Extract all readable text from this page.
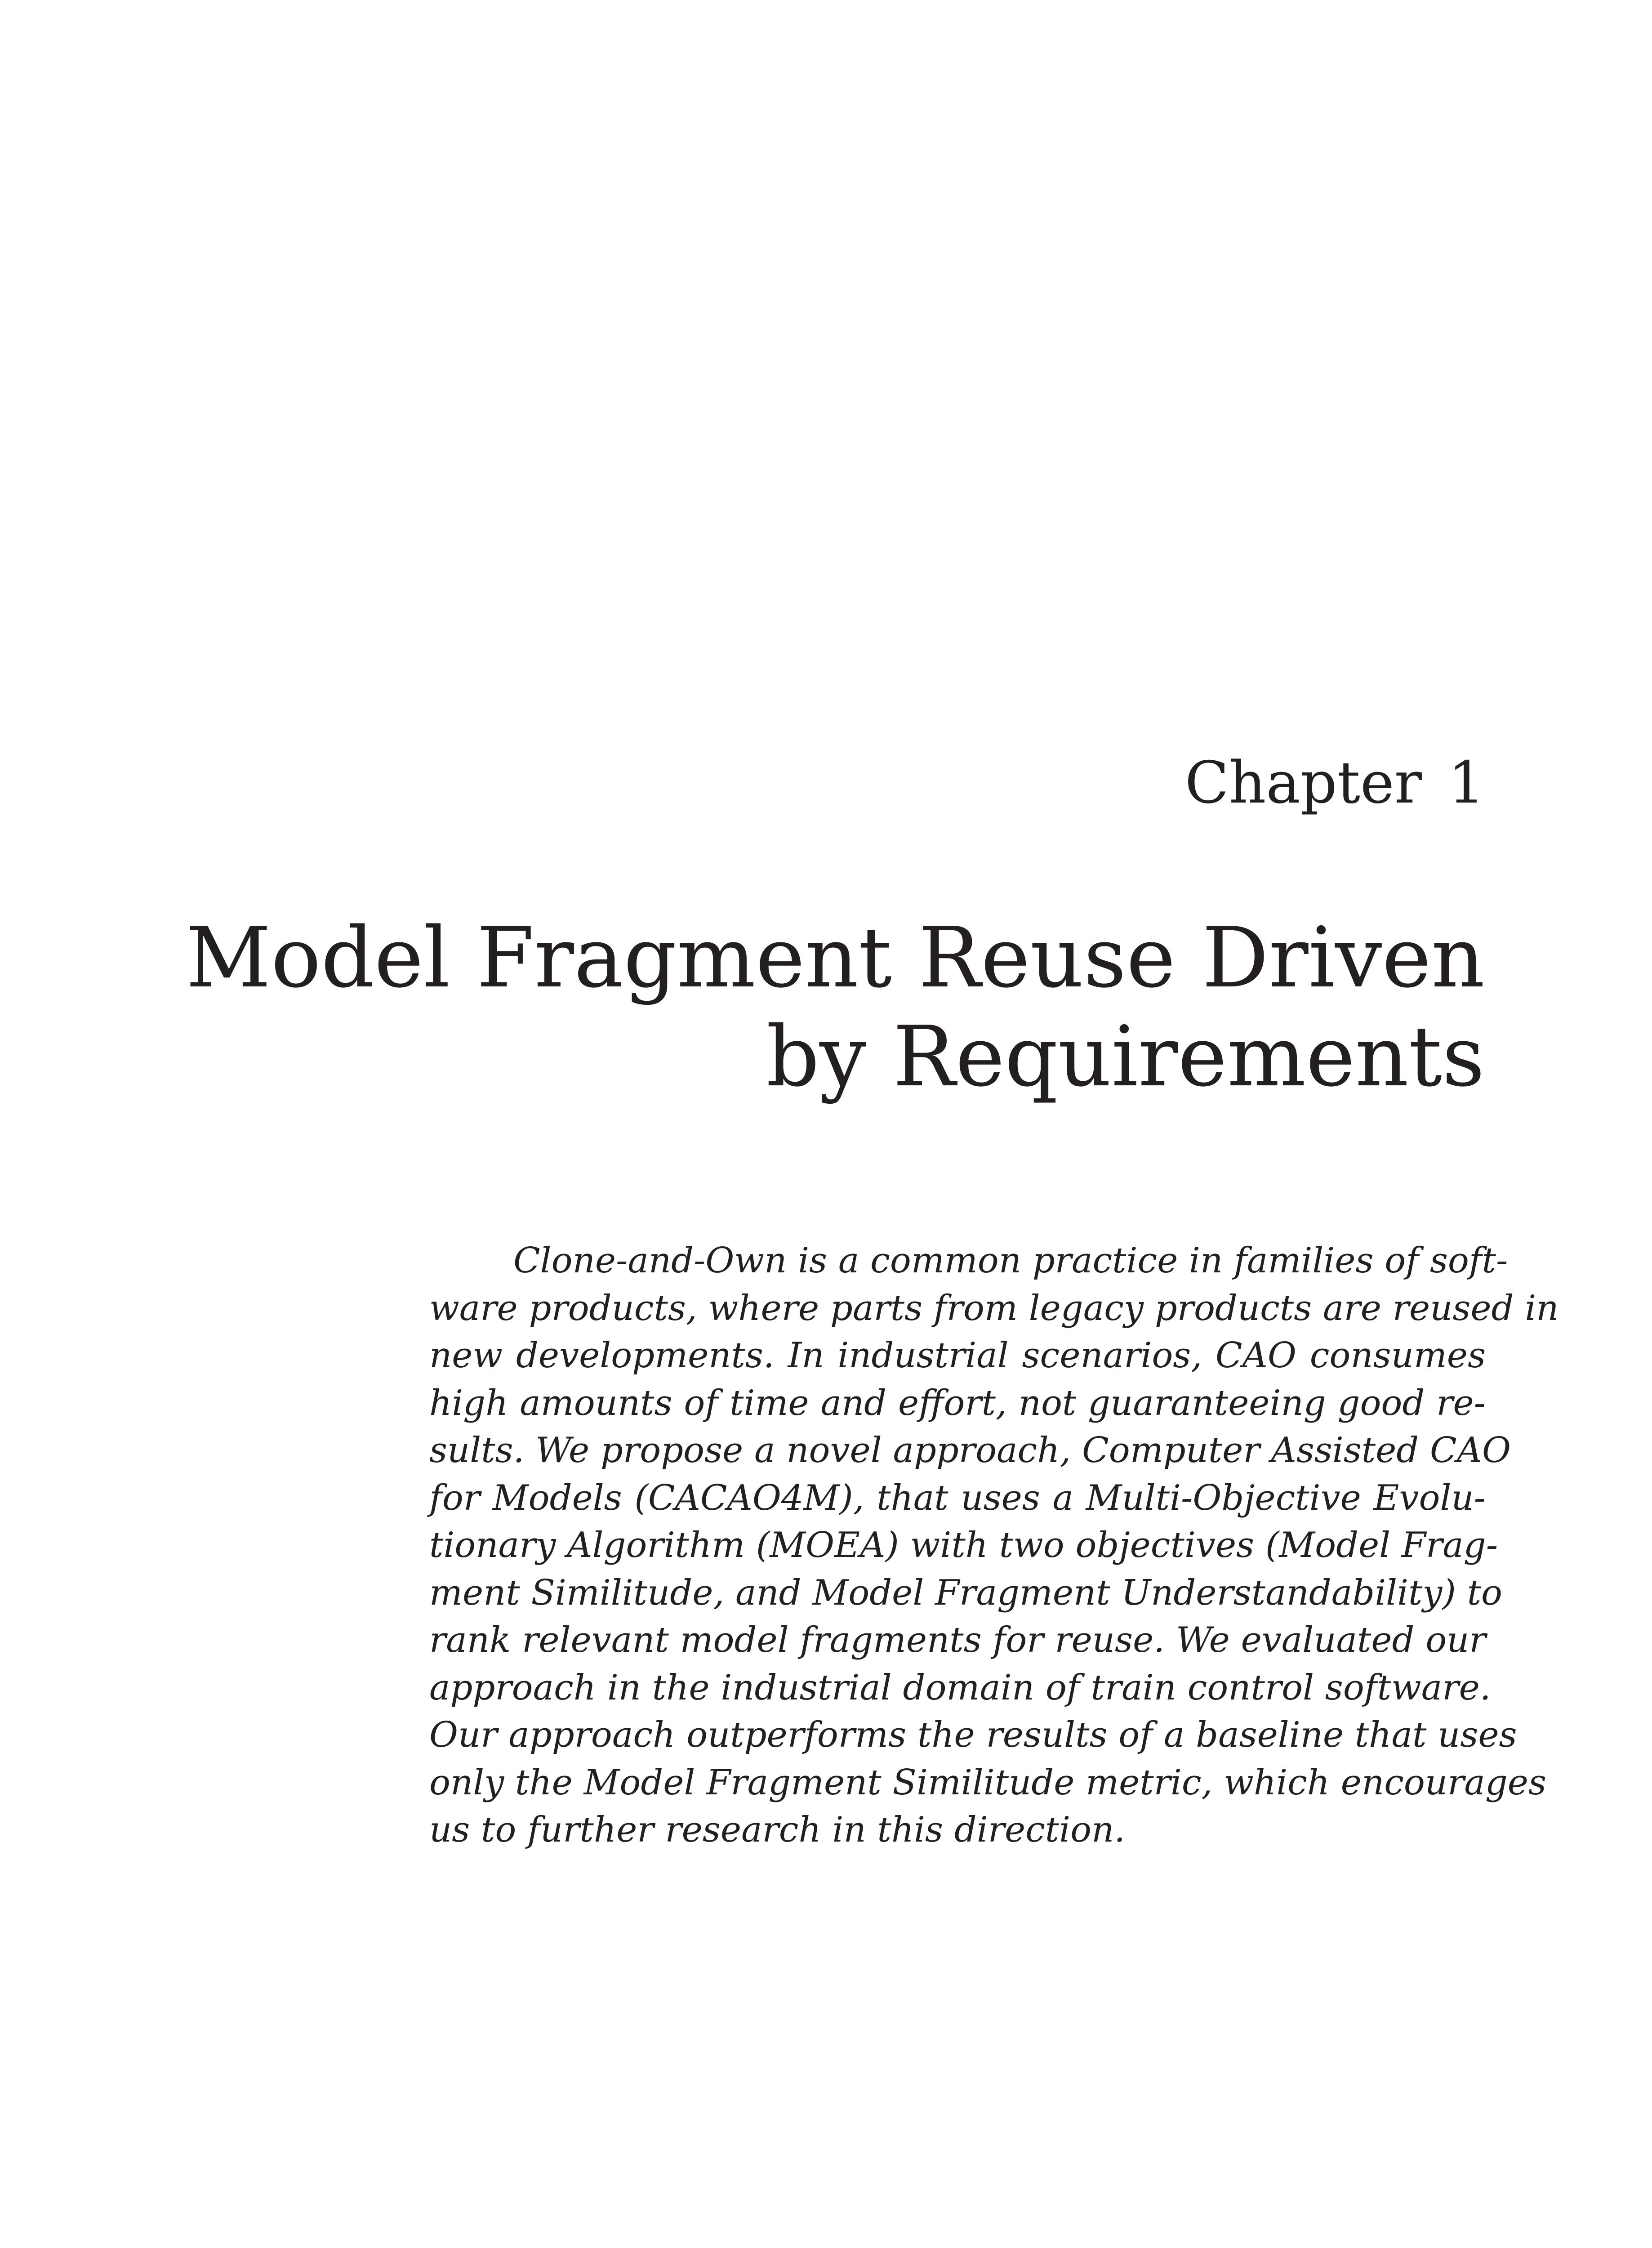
Chapter 1
Model Fragment Reuse Driven
by Requirements
Clone-and-Own is a common practice in families of soft-
ware products, where parts from legacy products are reused in
new developments. In industrial scenarios, CAO consumes
high amounts of time and effort, not guaranteeing good re-
sults. We propose a novel approach, Computer Assisted CAO
for Models (CACAO4M), that uses a Multi-Objective Evolu-
tionary Algorithm (MOEA) with two objectives (Model Frag-
ment Similitude, and Model Fragment Understandability) to
rank relevant model fragments for reuse. We evaluated our
approach in the industrial domain of train control software.
Our approach outperforms the results of a baseline that uses
only the Model Fragment Similitude metric, which encourages
us to further research in this direction.
